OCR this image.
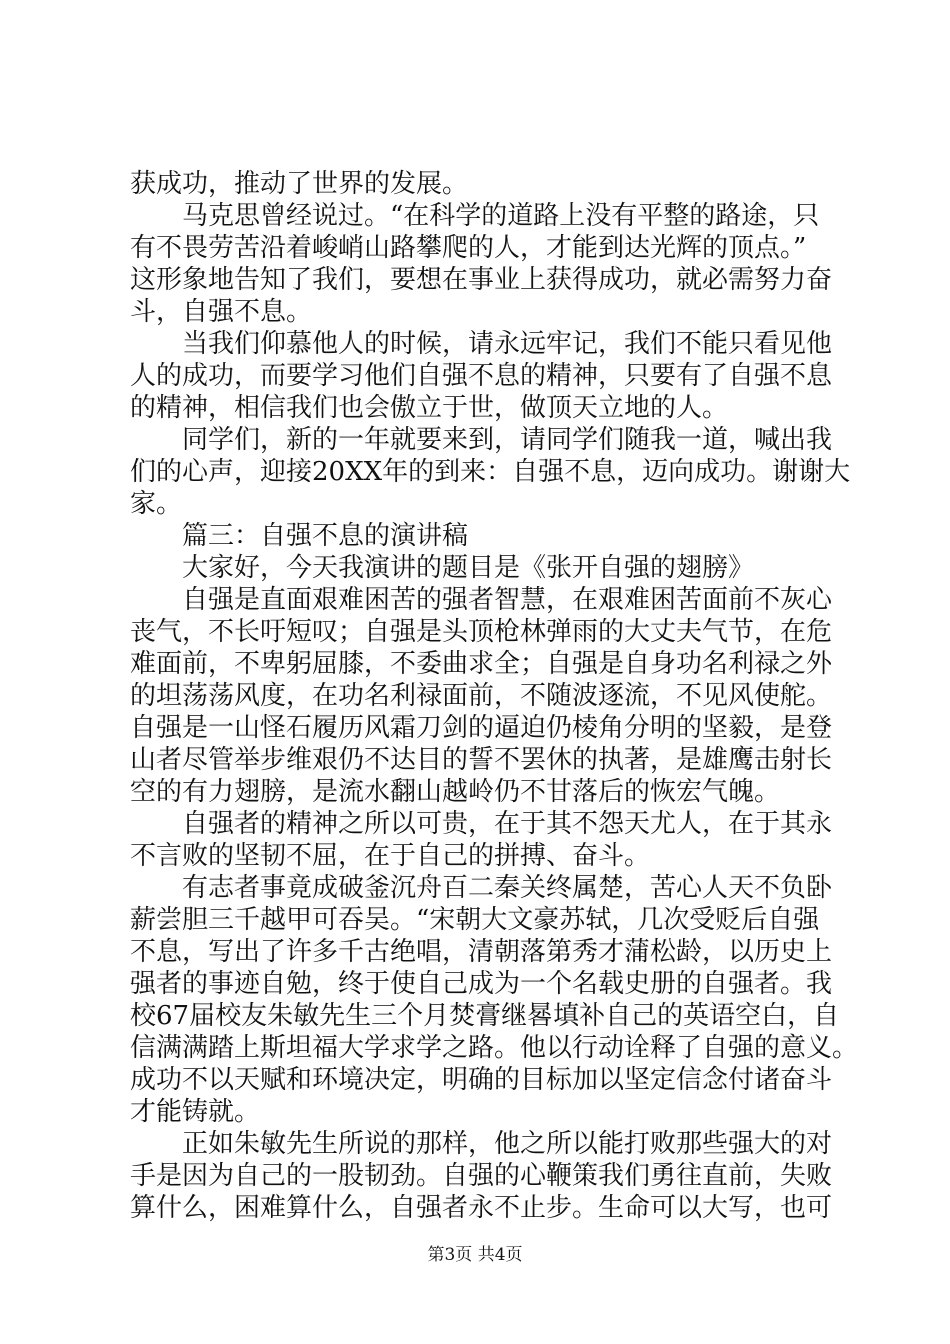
获成功，推动了世界的发展。
　　马克思曾经说过。“在科学的道路上没有平整的路途，只
有不畏劳苦沿着峻峭山路攀爬的人，才能到达光辉的顶点。”
这形象地告知了我们，要想在事业上获得成功，就必需努力奋
斗，自强不息。
　　当我们仰慕他人的时候，请永远牢记，我们不能只看见他
人的成功，而要学习他们自强不息的精神，只要有了自强不息
的精神，相信我们也会傲立于世，做顶天立地的人。
　　同学们，新的一年就要来到，请同学们随我一道，喊出我
们的心声，迎接20XX年的到来：自强不息，迈向成功。谢谢大
家。
　　篇三：自强不息的演讲稿
　　大家好，今天我演讲的题目是《张开自强的翅膀》
　　自强是直面艰难困苦的强者智慧，在艰难困苦面前不灰心
丧气，不长吁短叹；自强是头顶枪林弹雨的大丈夫气节，在危
难面前，不卑躬屈膝，不委曲求全；自强是自身功名利禄之外
的坦荡荡风度，在功名利禄面前，不随波逐流，不见风使舵。
自强是一山怪石履历风霜刀剑的逼迫仍棱角分明的坚毅，是登
山者尽管举步维艰仍不达目的誓不罢休的执著，是雄鹰击射长
空的有力翅膀，是流水翻山越岭仍不甘落后的恢宏气魄。
　　自强者的精神之所以可贵，在于其不怨天尤人，在于其永
不言败的坚韧不屈，在于自己的拼搏、奋斗。
　　有志者事竟成破釜沉舟百二秦关终属楚，苦心人天不负卧
薪尝胆三千越甲可吞吴。“宋朝大文豪苏轼，几次受贬后自强
不息，写出了许多千古绝唱，清朝落第秀才蒲松龄，以历史上
强者的事迹自勉，终于使自己成为一个名载史册的自强者。我
校67届校友朱敏先生三个月焚膏继晷填补自己的英语空白，自
信满满踏上斯坦福大学求学之路。他以行动诠释了自强的意义。
成功不以天赋和环境决定，明确的目标加以坚定信念付诸奋斗
才能铸就。
　　正如朱敏先生所说的那样，他之所以能打败那些强大的对
手是因为自己的一股韧劲。自强的心鞭策我们勇往直前，失败
算什么，困难算什么，自强者永不止步。生命可以大写，也可
第3页 共4页
